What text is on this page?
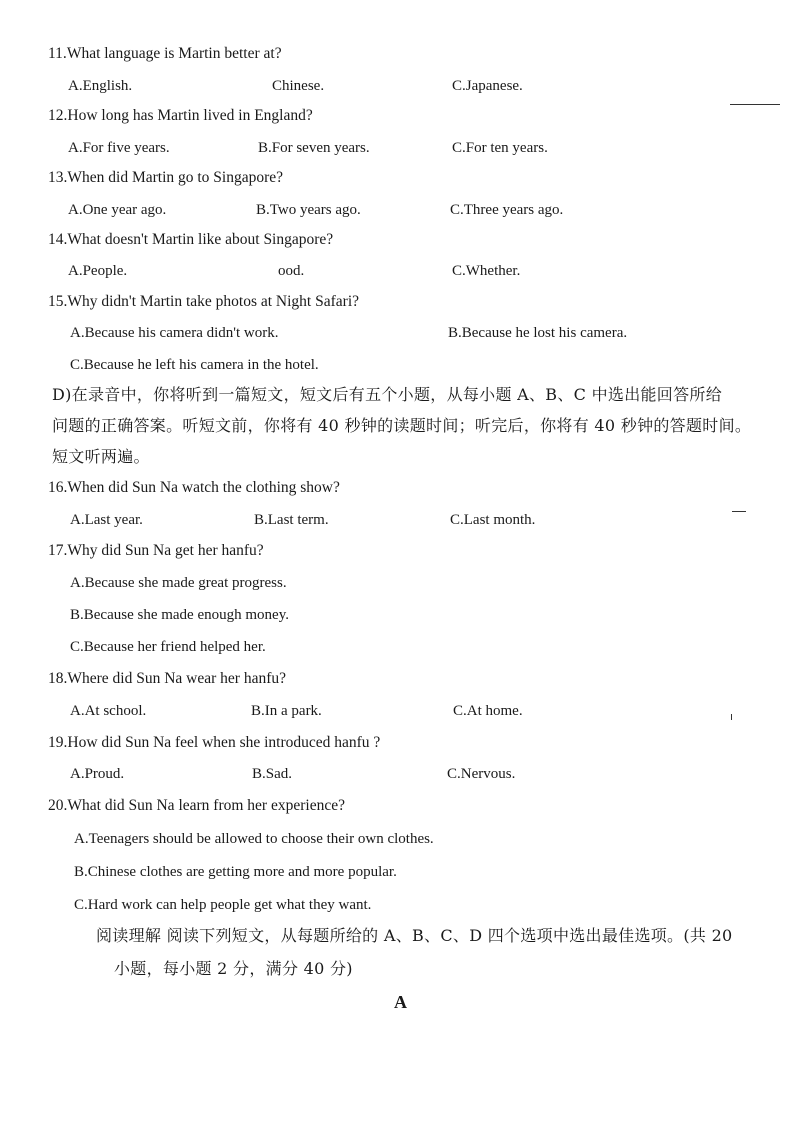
11.What language is Martin better at?
A.English.	Chinese.	C.Japanese.
12.How long has Martin lived in England?
A.For five years.	B.For seven years.	C.For ten years.
13.When did Martin go to Singapore?
A.One year ago.	B.Two years ago.	C.Three years ago.
14.What doesn't Martin like about Singapore?
A.People.	ood.	C.Whether.
15.Why didn't Martin take photos at Night Safari?
A.Because his camera didn't work.	B.Because he lost his camera.
C.Because he left his camera in the hotel.
D)在录音中，你将听到一篇短文，短文后有五个小题，从每小题 A、B、C 中选出能回答所给
问题的正确答案。听短文前，你将有 40 秒钟的读题时间；听完后，你将有 40 秒钟的答题时间。
短文听两遍。
16.When did Sun Na watch the clothing show?
A.Last year.	B.Last term.	C.Last month.
17.Why did Sun Na get her hanfu?
A.Because she made great progress.
B.Because she made enough money.
C.Because her friend helped her.
18.Where did Sun Na wear her hanfu?
A.At school.	B.In a park.	C.At home.
19.How did Sun Na feel when she introduced hanfu ?
A.Proud.	B.Sad.	C.Nervous.
20.What did Sun Na learn from her experience?
A.Teenagers should be allowed to choose their own clothes.
B.Chinese clothes are getting more and more popular.
C.Hard work can help people get what they want.
阅读理解 阅读下列短文，从每题所给的 A、B、C、D 四个选项中选出最佳选项。(共 20
小题，每小题 2 分，满分 40 分)
A
